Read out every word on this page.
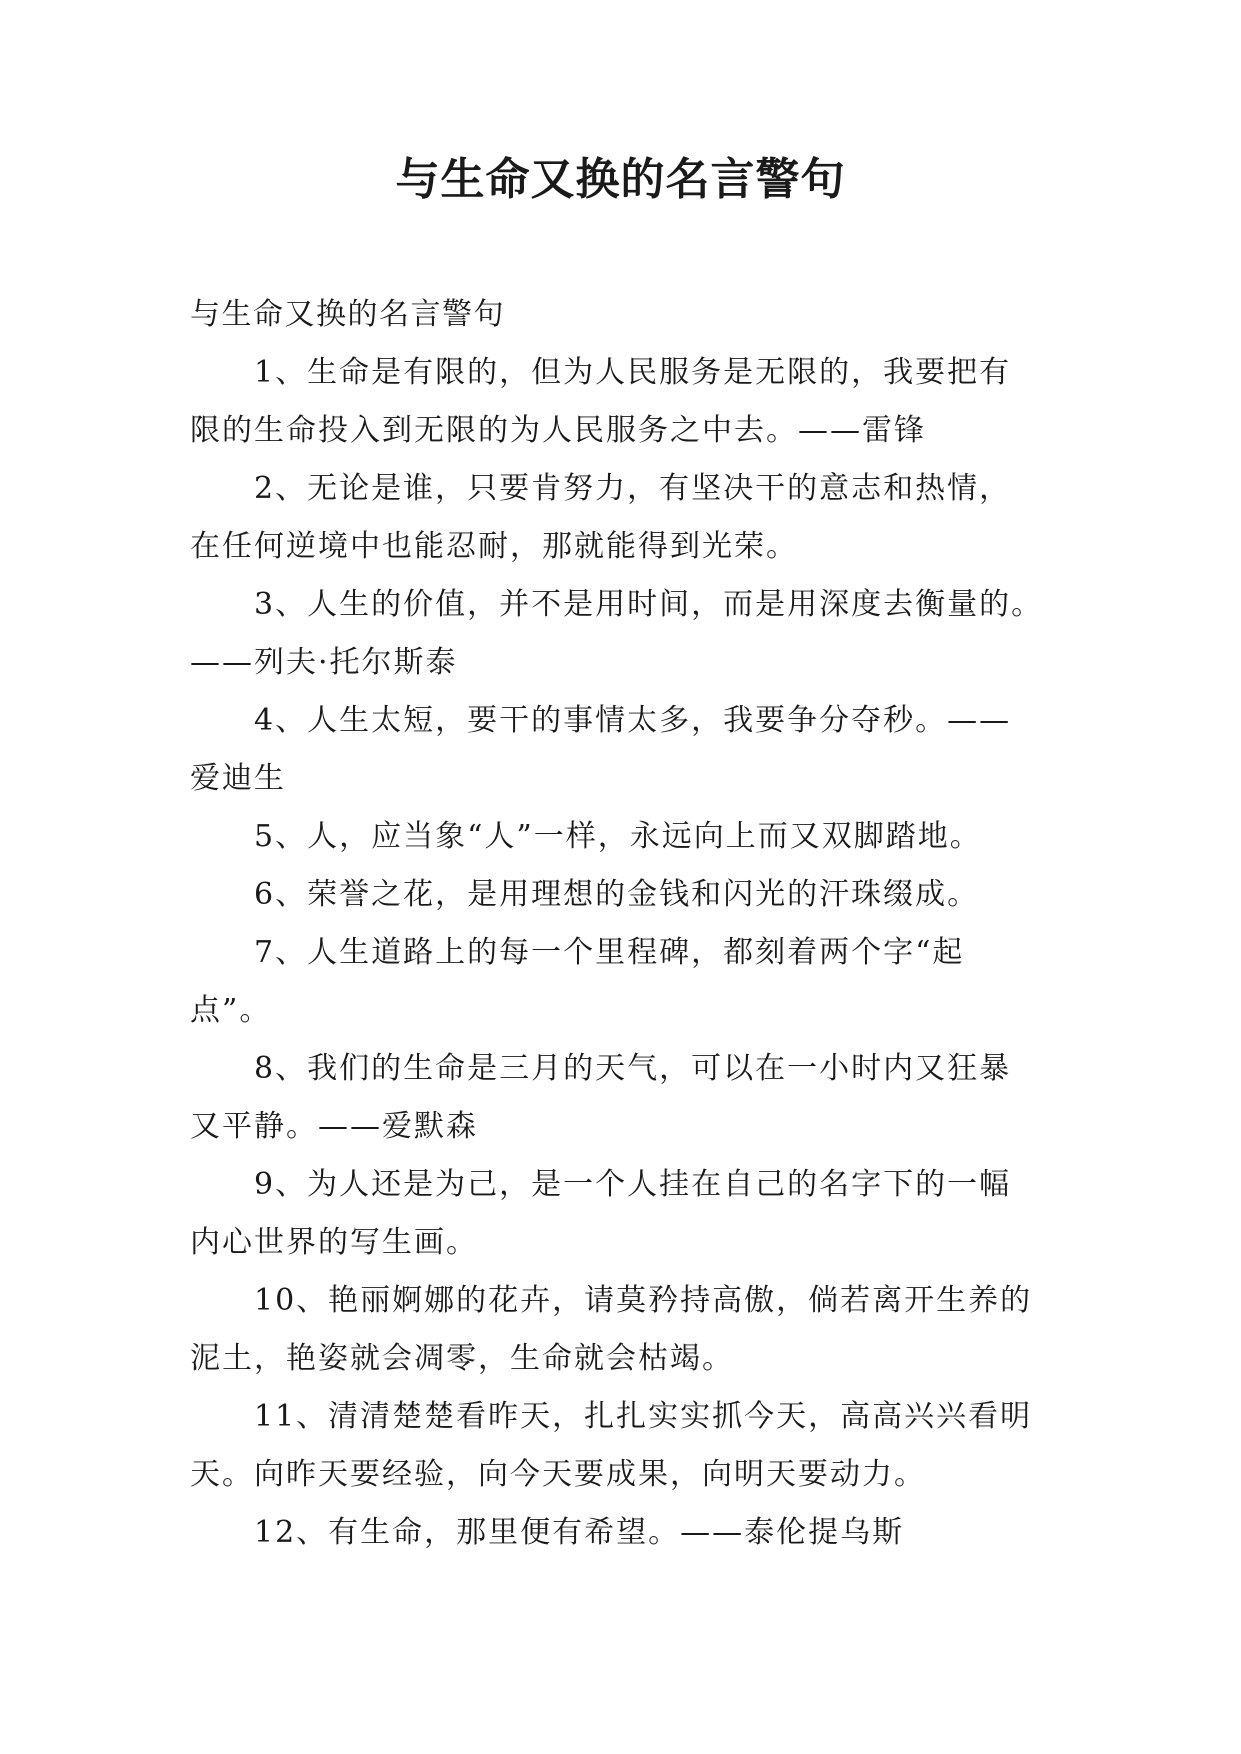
与生命又换的名言警句
与生命又换的名言警句
1、生命是有限的，但为人民服务是无限的，我要把有
限的生命投入到无限的为人民服务之中去。——雷锋
2、无论是谁，只要肯努力，有坚决干的意志和热情，
在任何逆境中也能忍耐，那就能得到光荣。
3、人生的价值，并不是用时间，而是用深度去衡量的。
——列夫·托尔斯泰
4、人生太短，要干的事情太多，我要争分夺秒。——
爱迪生
5、人，应当象“人”一样，永远向上而又双脚踏地。
6、荣誉之花，是用理想的金钱和闪光的汗珠缀成。
7、人生道路上的每一个里程碑，都刻着两个字“起
点”。
8、我们的生命是三月的天气，可以在一小时内又狂暴
又平静。——爱默森
9、为人还是为己，是一个人挂在自己的名字下的一幅
内心世界的写生画。
10、艳丽婀娜的花卉，请莫矜持高傲，倘若离开生养的
泥土，艳姿就会凋零，生命就会枯竭。
11、清清楚楚看昨天，扎扎实实抓今天，高高兴兴看明
天。向昨天要经验，向今天要成果，向明天要动力。
12、有生命，那里便有希望。——泰伦提乌斯
